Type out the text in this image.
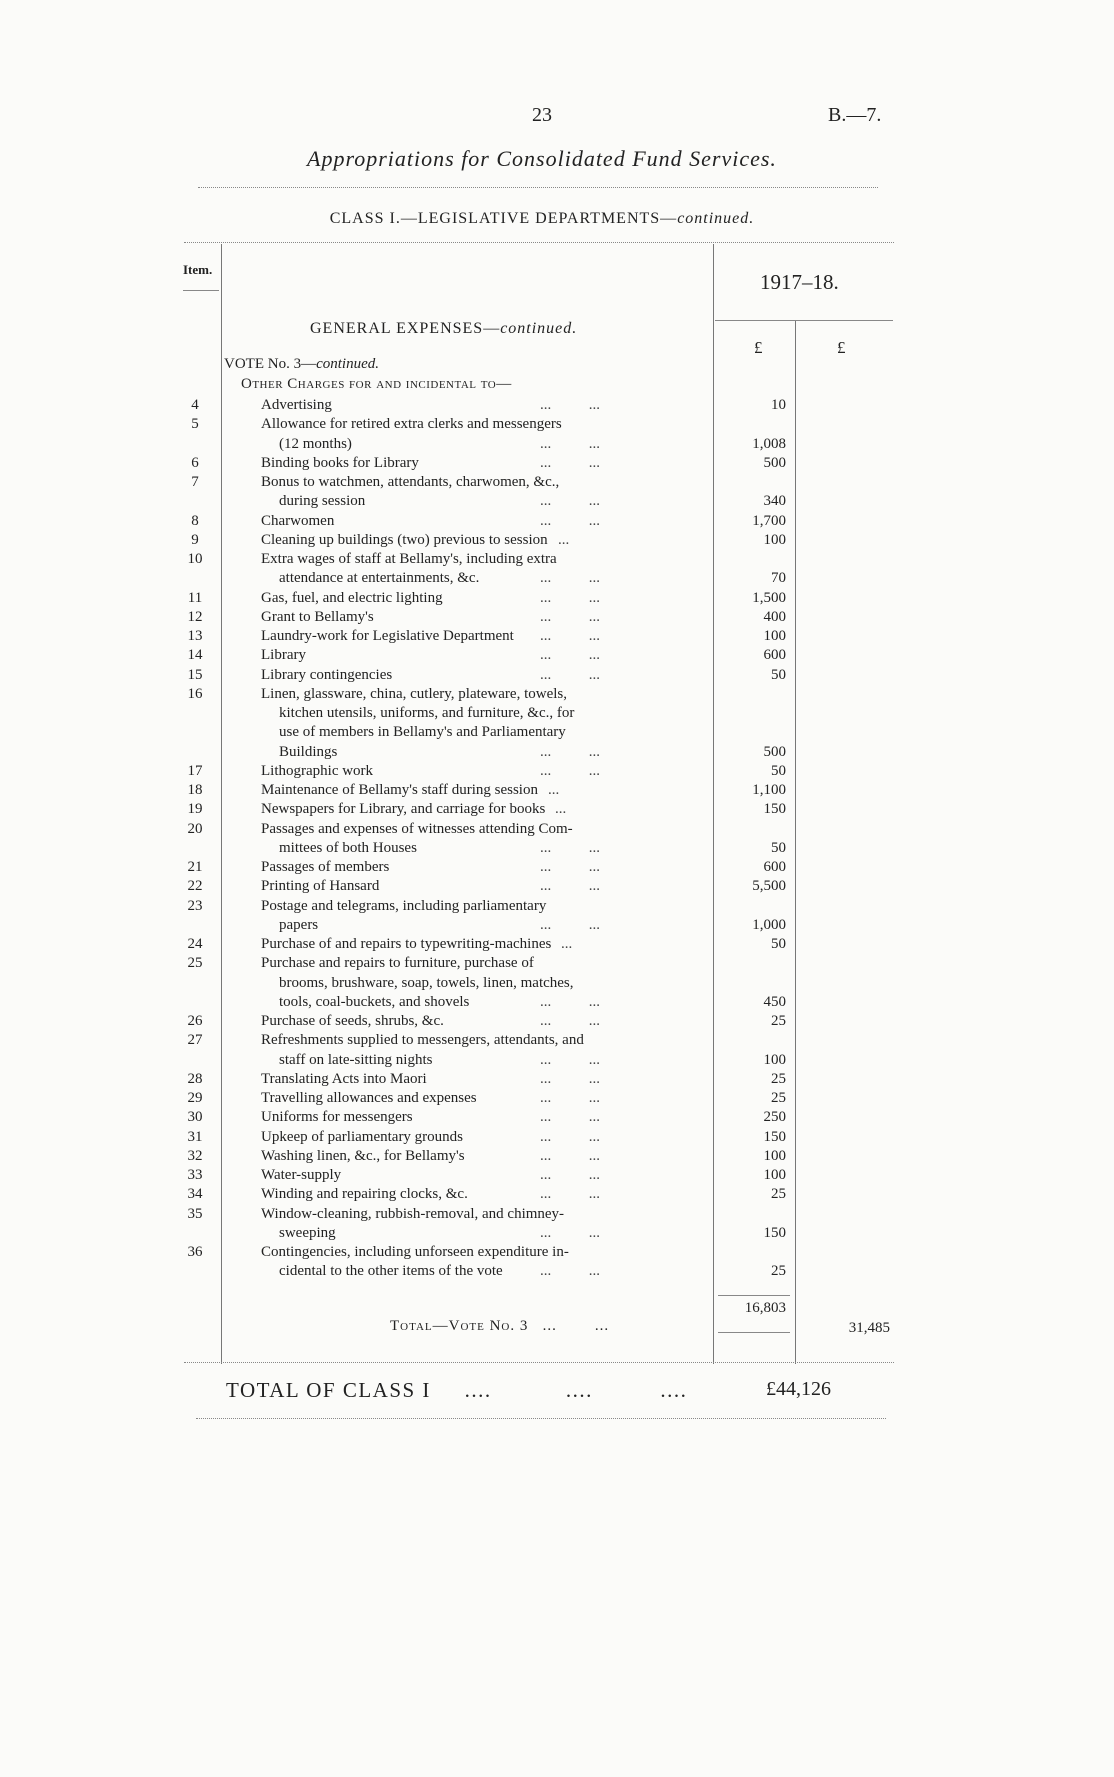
23	B.—7.
Appropriations for Consolidated Fund Services.
CLASS I.—LEGISLATIVE DEPARTMENTS—continued.
Item.
1917–18.
GENERAL EXPENSES—continued.
£	£
VOTE No. 3—continued.
Other Charges for and incidental to—
4	Advertising	10
...          ...
5	Allowance for retired extra clerks and messengers
(12 months)	1,008
...          ...
6	Binding books for Library	500
...          ...
7	Bonus to watchmen, attendants, charwomen, &c.,
during session	340
...          ...
8	Charwomen	1,700
...          ...
9	Cleaning up buildings (two) previous to session	100
...
10	Extra wages of staff at Bellamy's, including extra
attendance at entertainments, &c.	70
...          ...
11	Gas, fuel, and electric lighting	1,500
...          ...
12	Grant to Bellamy's	400
...          ...
13	Laundry-work for Legislative Department	100
...          ...
14	Library	600
...          ...
15	Library contingencies	50
...          ...
16	Linen, glassware, china, cutlery, plateware, towels,
kitchen utensils, uniforms, and furniture, &c., for
use of members in Bellamy's and Parliamentary
Buildings	500
...          ...
17	Lithographic work	50
...          ...
18	Maintenance of Bellamy's staff during session	1,100
...
19	Newspapers for Library, and carriage for books	150
...
20	Passages and expenses of witnesses attending Com-
mittees of both Houses	50
...          ...
21	Passages of members	600
...          ...
22	Printing of Hansard	5,500
...          ...
23	Postage and telegrams, including parliamentary
papers	1,000
...          ...
24	Purchase of and repairs to typewriting-machines	50
...
25	Purchase and repairs to furniture, purchase of
brooms, brushware, soap, towels, linen, matches,
tools, coal-buckets, and shovels	450
...          ...
26	Purchase of seeds, shrubs, &c.	25
...          ...
27	Refreshments supplied to messengers, attendants, and
staff on late-sitting nights	100
...          ...
28	Translating Acts into Maori	25
...          ...
29	Travelling allowances and expenses	25
...          ...
30	Uniforms for messengers	250
...          ...
31	Upkeep of parliamentary grounds	150
...          ...
32	Washing linen, &c., for Bellamy's	100
...          ...
33	Water-supply	100
...          ...
34	Winding and repairing clocks, &c.	25
...          ...
35	Window-cleaning, rubbish-removal, and chimney-
sweeping	150
...          ...
36	Contingencies, including unforseen expenditure in-
cidental to the other items of the vote	25
...          ...
16,803
Total—Vote No. 3   ...        ...	31,485
TOTAL OF CLASS I     ....           ....          ....	£44,126
